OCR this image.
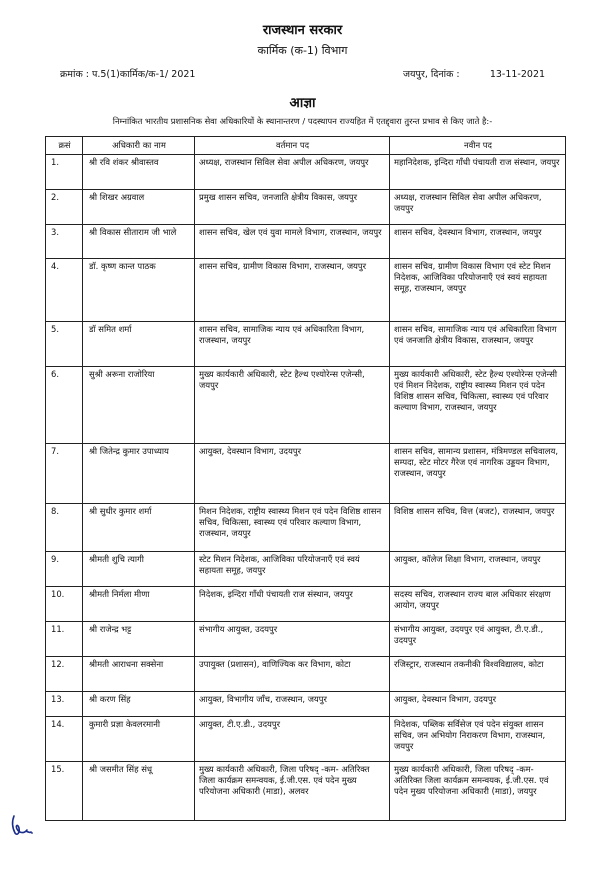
राजस्थान सरकार
कार्मिक (क-1) विभाग
क्रमांक : प.5(1)कार्मिक/क-1/ 2021	जयपुर, दिनांक :          13-11-2021
आज्ञा
निम्नांकित भारतीय प्रशासनिक सेवा अधिकारियों के स्थानान्तरण / पदस्थापन राज्यहित में एतद्द्वारा तुरन्त प्रभाव से किए जाते है:-
क्रसं	अधिकारी का नाम	वर्तमान पद	नवीन पद
1.	श्री रवि शंकर श्रीवास्तव	अध्यक्ष, राजस्थान सिविल सेवा अपील अधिकरण, जयपुर	महानिदेशक, इन्दिरा गाँधी पंचायती राज संस्थान, जयपुर
2.	श्री शिखर अग्रवाल	प्रमुख शासन सचिव, जनजाति क्षेत्रीय विकास, जयपुर	अध्यक्ष, राजस्थान सिविल सेवा अपील अधिकरण, जयपुर
3.	श्री विकास सीताराम जी भाले	शासन सचिव, खेल एवं युवा मामले विभाग, राजस्थान, जयपुर	शासन सचिव, देवस्थान विभाग, राजस्थान, जयपुर
4.	डॉ. कृष्ण कान्त पाठक	शासन सचिव, ग्रामीण विकास विभाग, राजस्थान, जयपुर	शासन सचिव, ग्रामीण विकास विभाग एवं स्टेट मिशन निदेशक, आजिविका परियोजनाएँ एवं स्वयं सहायता समूह, राजस्थान, जयपुर
5.	डॉ समित शर्मा	शासन सचिव, सामाजिक न्याय एवं अधिकारिता विभाग, राजस्थान, जयपुर	शासन सचिव, सामाजिक न्याय एवं अधिकारिता विभाग एवं जनजाति क्षेत्रीय विकास, राजस्थान, जयपुर
6.	सुश्री अरूना राजोरिया	मुख्य कार्यकारी अधिकारी, स्टेट हैल्थ एश्योरेन्स एजेन्सी, जयपुर	मुख्य कार्यकारी अधिकारी, स्टेट हैल्थ एश्योरेन्स एजेन्सी एवं मिशन निदेशक, राष्ट्रीय स्वास्थ्य मिशन एवं पदेन विशिष्ठ शासन सचिव, चिकित्सा, स्वास्थ्य एवं परिवार कल्याण विभाग, राजस्थान, जयपुर
7.	श्री जितेन्द्र कुमार उपाध्याय	आयुक्त, देवस्थान विभाग, उदयपुर	शासन सचिव, सामान्य प्रशासन, मंत्रिमण्डल सचिवालय, सम्पदा, स्टेट मोटर गैरेज एवं नागरिक उड्डयन विभाग, राजस्थान, जयपुर
8.	श्री सुधीर कुमार शर्मा	मिशन निदेशक, राष्ट्रीय स्वास्थ्य मिशन एवं पदेन विशिष्ठ शासन सचिव, चिकित्सा, स्वास्थ्य एवं परिवार कल्याण विभाग, राजस्थान, जयपुर	विशिष्ठ शासन सचिव, वित्त (बजट), राजस्थान, जयपुर
9.	श्रीमती शुचि त्यागी	स्टेट मिशन निदेशक, आजिविका परियोजनाएँ एवं स्वयं सहायता समूह, जयपुर	आयुक्त, कॉलेज शिक्षा विभाग, राजस्थान, जयपुर
10.	श्रीमती निर्मला मीणा	निदेशक, इन्दिरा गाँधी पंचायती राज संस्थान, जयपुर	सदस्य सचिव, राजस्थान राज्य बाल अधिकार संरक्षण आयोग, जयपुर
11.	श्री राजेन्द्र भट्ट	संभागीय आयुक्त, उदयपुर	संभागीय आयुक्त, उदयपुर एवं आयुक्त, टी.ए.डी., उदयपुर
12.	श्रीमती आराधना सक्सेना	उपायुक्त (प्रशासन), वाणिज्यिक कर विभाग, कोटा	रजिस्ट्रार, राजस्थान तकनीकी विश्वविद्यालय, कोटा
13.	श्री करण सिंह	आयुक्त, विभागीय जाँच, राजस्थान, जयपुर	आयुक्त, देवस्थान विभाग, उदयपुर
14.	कुमारी प्रज्ञा केवलरमानी	आयुक्त, टी.ए.डी., उदयपुर	निदेशक, पब्लिक सर्विसेज एवं पदेन संयुक्त शासन सचिव, जन अभियोग निराकरण विभाग, राजस्थान, जयपुर
15.	श्री जसमीत सिंह संधू	मुख्य कार्यकारी अधिकारी, जिला परिषद् -कम- अतिरिक्त जिला कार्यक्रम समन्वयक, ई.जी.एस. एवं पदेन मुख्य परियोजना अधिकारी (माडा), अलवर	मुख्य कार्यकारी अधिकारी, जिला परिषद् -कम- अतिरिक्त जिला कार्यक्रम समन्वयक, ई.जी.एस. एवं पदेन मुख्य परियोजना अधिकारी (माडा), जयपुर
